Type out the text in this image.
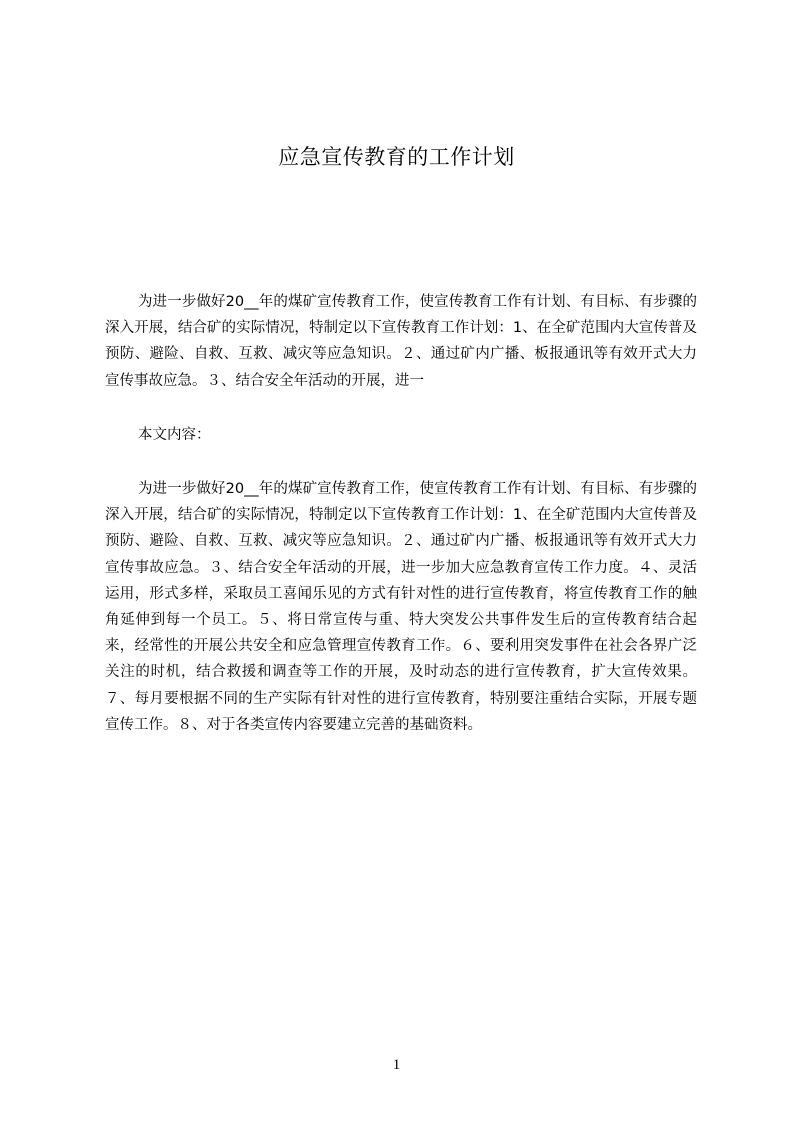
应急宣传教育的工作计划

为进一步做好20__年的煤矿宣传教育工作，使宣传教育工作有计划、有目标、有步骤的深入开展，结合矿的实际情况，特制定以下宣传教育工作计划：1、在全矿范围内大宣传普及预防、避险、自救、互救、减灾等应急知识。２、通过矿内广播、板报通讯等有效开式大力宣传事故应急。３、结合安全年活动的开展，进一

本文内容：

为进一步做好20__年的煤矿宣传教育工作，使宣传教育工作有计划、有目标、有步骤的深入开展，结合矿的实际情况，特制定以下宣传教育工作计划：1、在全矿范围内大宣传普及预防、避险、自救、互救、减灾等应急知识。２、通过矿内广播、板报通讯等有效开式大力宣传事故应急。３、结合安全年活动的开展，进一步加大应急教育宣传工作力度。４、灵活运用，形式多样，采取员工喜闻乐见的方式有针对性的进行宣传教育，将宣传教育工作的触角延伸到每一个员工。５、将日常宣传与重、特大突发公共事件发生后的宣传教育结合起来，经常性的开展公共安全和应急管理宣传教育工作。６、要利用突发事件在社会各界广泛关注的时机，结合救援和调查等工作的开展，及时动态的进行宣传教育，扩大宣传效果。７、每月要根据不同的生产实际有针对性的进行宣传教育，特别要注重结合实际，开展专题宣传工作。８、对于各类宣传内容要建立完善的基础资料。

1
